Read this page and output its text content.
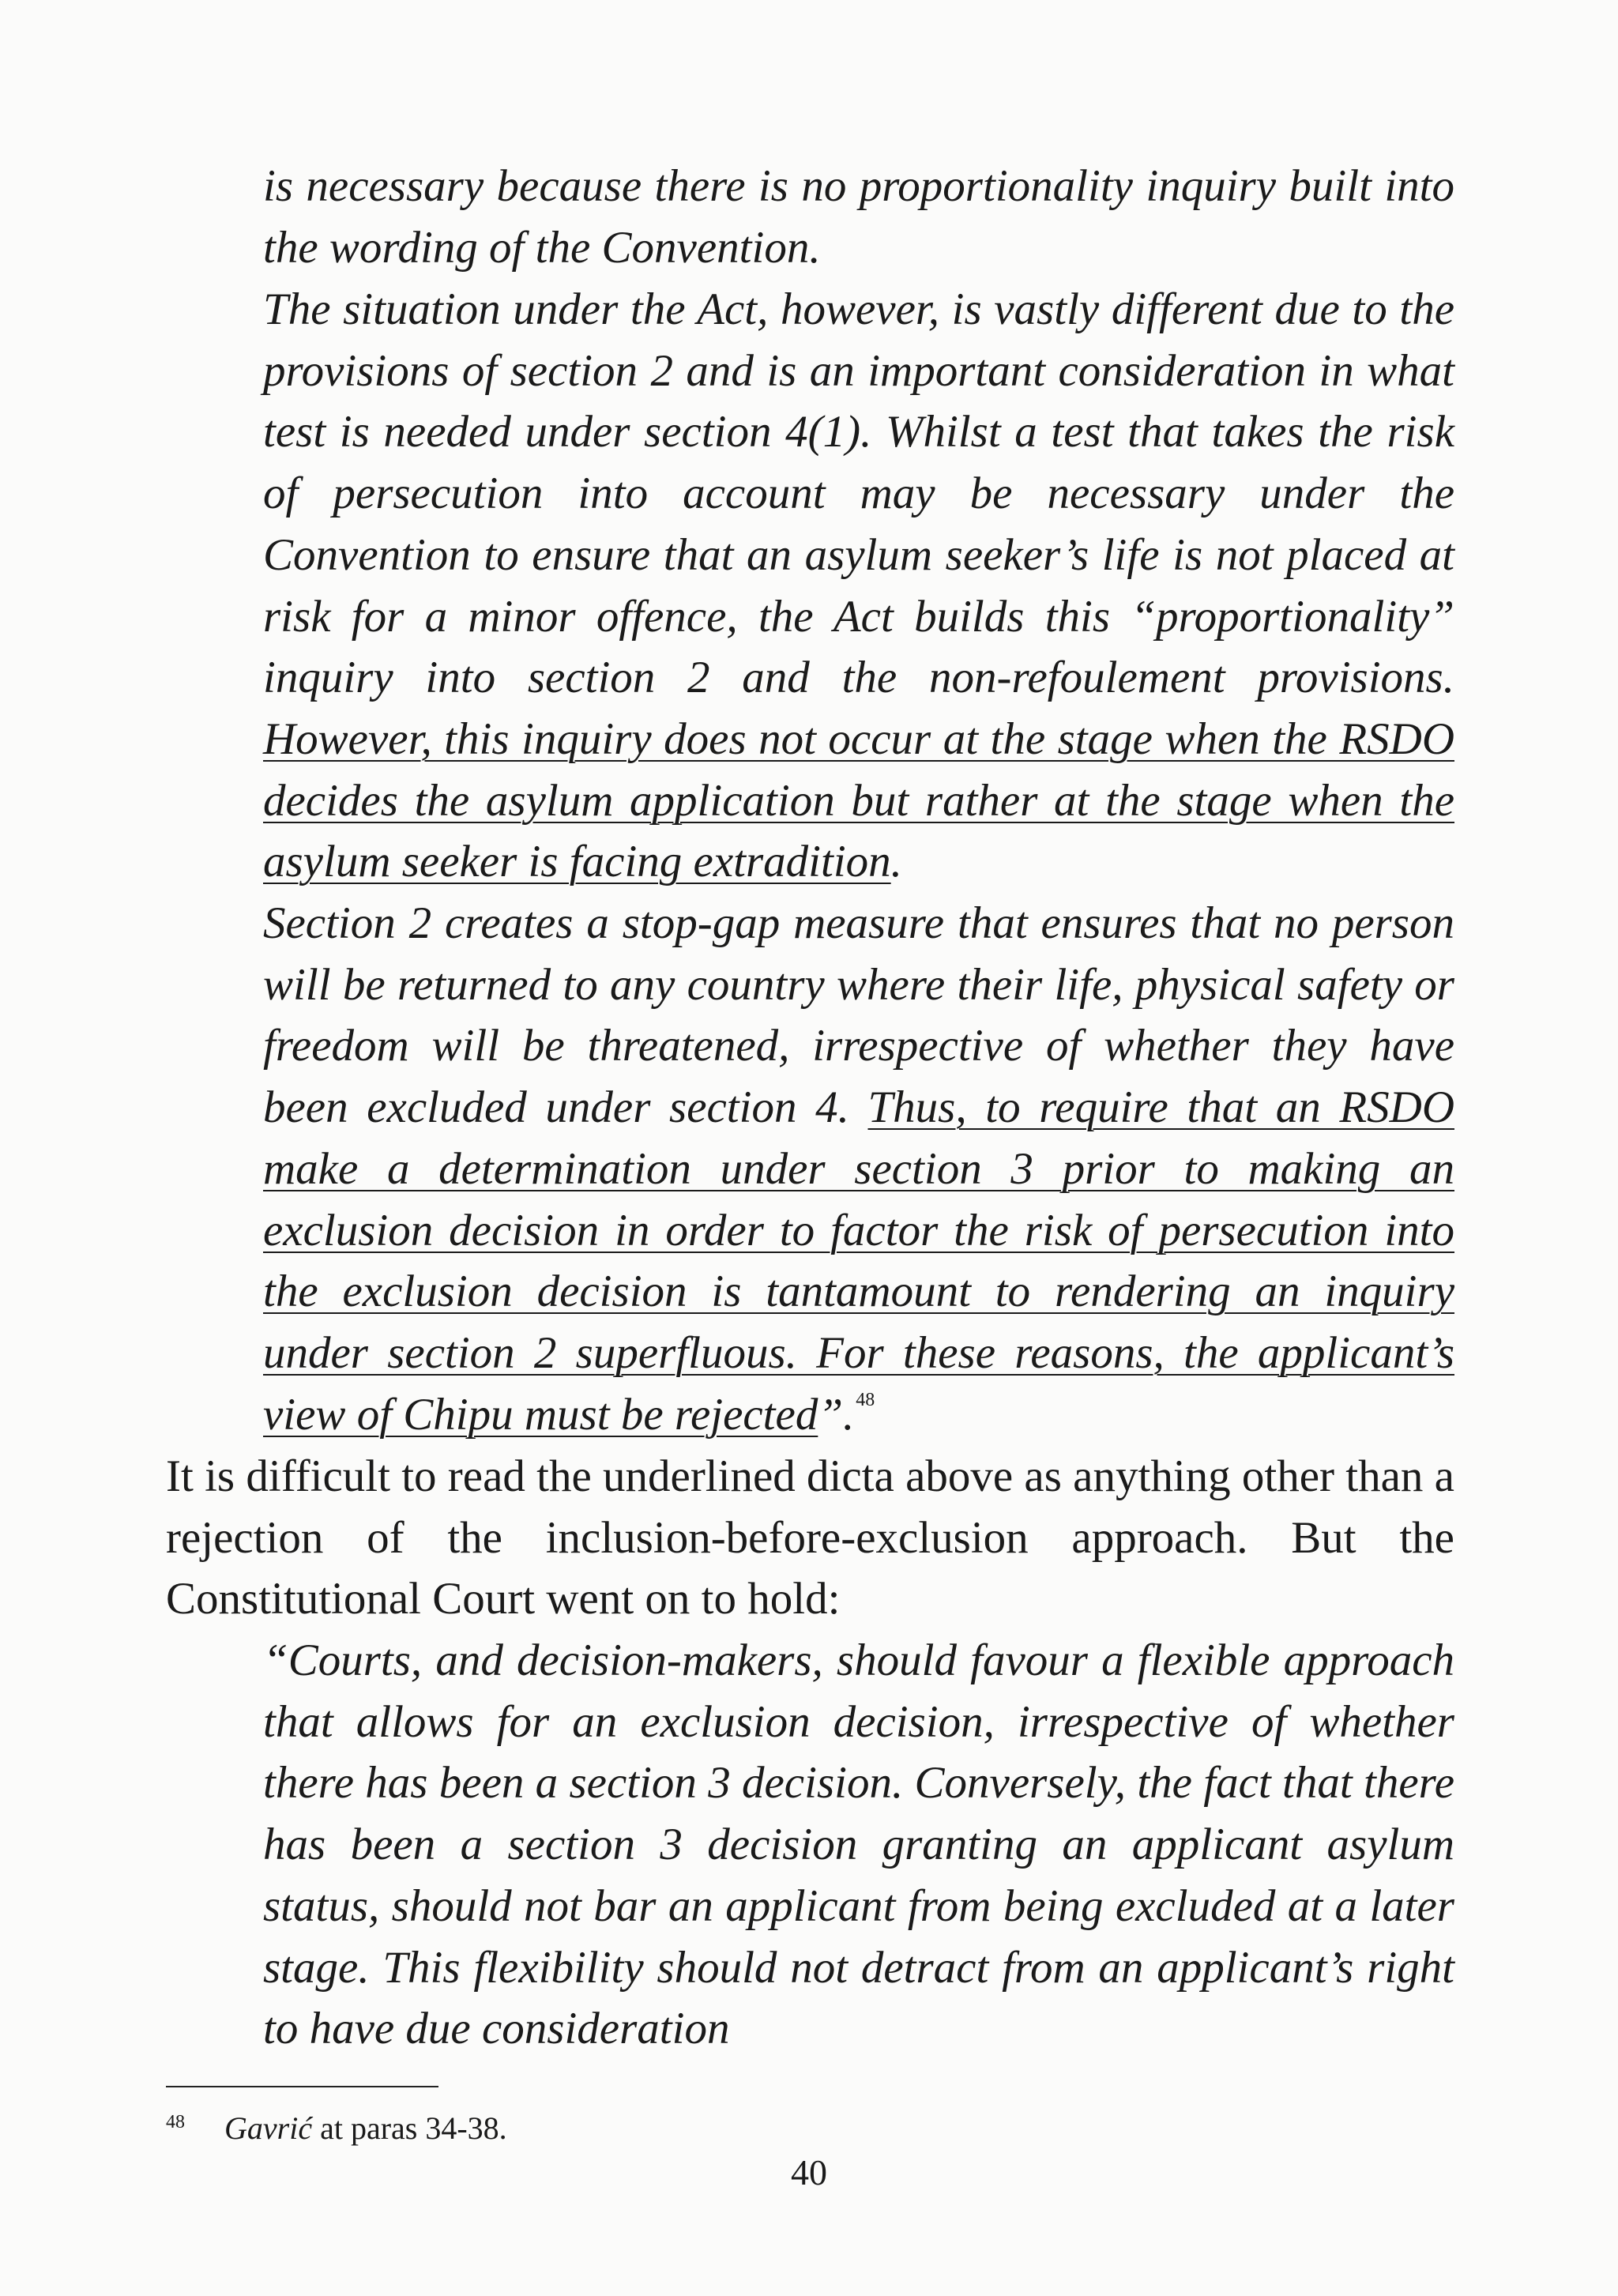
is necessary because there is no proportionality inquiry built into the wording of the Convention.

The situation under the Act, however, is vastly different due to the provisions of section 2 and is an important consideration in what test is needed under section 4(1). Whilst a test that takes the risk of persecution into account may be necessary under the Convention to ensure that an asylum seeker’s life is not placed at risk for a minor offence, the Act builds this “proportionality” inquiry into section 2 and the non-refoulement provisions. However, this inquiry does not occur at the stage when the RSDO decides the asylum application but rather at the stage when the asylum seeker is facing extradition.

Section 2 creates a stop-gap measure that ensures that no person will be returned to any country where their life, physical safety or freedom will be threatened, irrespective of whether they have been excluded under section 4. Thus, to require that an RSDO make a determination under section 3 prior to making an exclusion decision in order to factor the risk of persecution into the exclusion decision is tantamount to rendering an inquiry under section 2 superfluous. For these reasons, the applicant’s view of Chipu must be rejected”.$^{48}$

It is difficult to read the underlined dicta above as anything other than a rejection of the inclusion-before-exclusion approach. But the Constitutional Court went on to hold:

“Courts, and decision-makers, should favour a flexible approach that allows for an exclusion decision, irrespective of whether there has been a section 3 decision. Conversely, the fact that there has been a section 3 decision granting an applicant asylum status, should not bar an applicant from being excluded at a later stage. This flexibility should not detract from an applicant’s right to have due consideration

48 Gavrić at paras 34-38.
40
